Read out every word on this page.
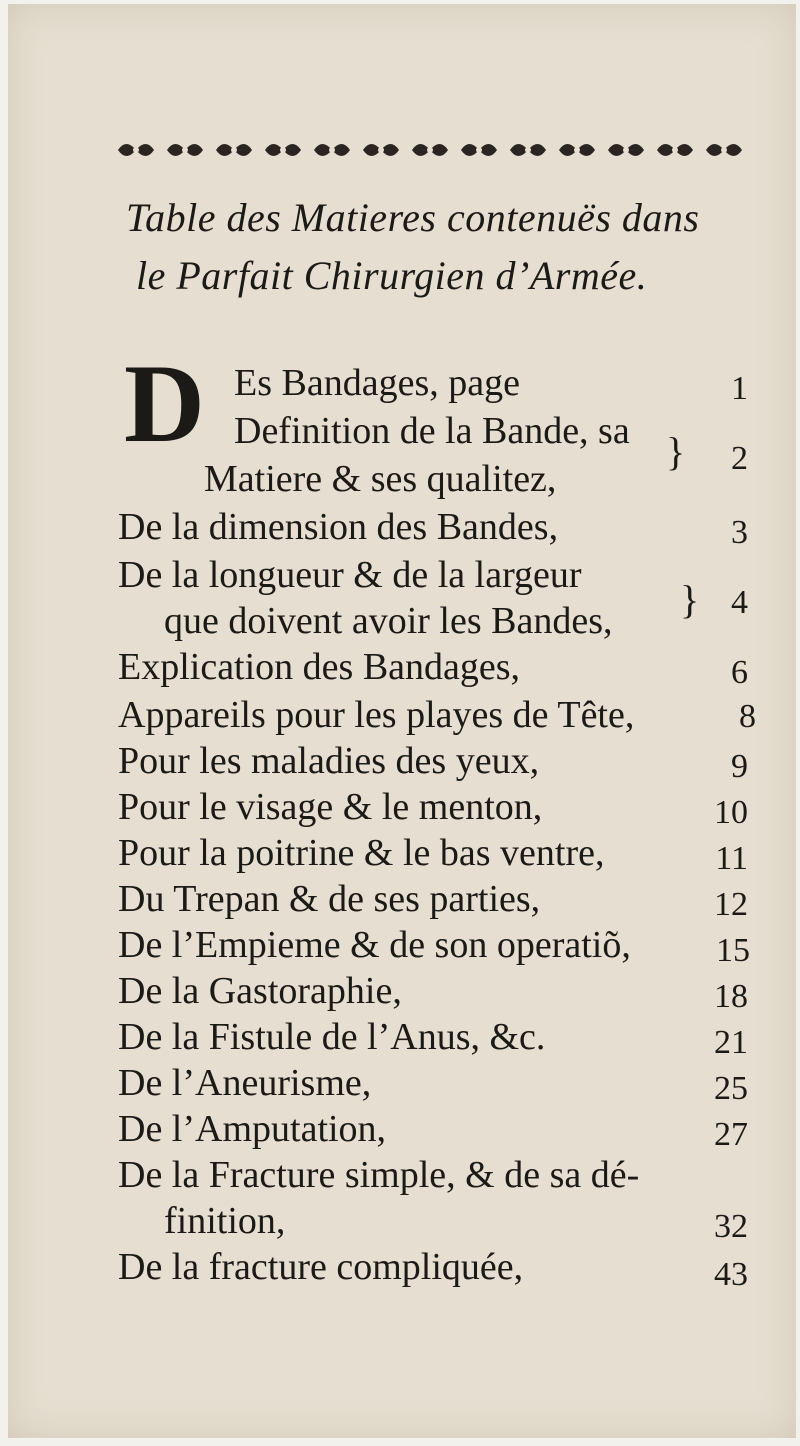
Table des Matieres contenuës dans
le Parfait Chirurgien d’Armée.
D Es Bandages, page	1
Definition de la Bande, sa
Matiere & ses qualitez,
}	2
De la dimension des Bandes,	3
De la longueur & de la largeur
que doivent avoir les Bandes, } 4
Explication des Bandages,	6
Appareils pour les playes de Tête,	8
Pour les maladies des yeux,	9
Pour le visage & le menton,	10
Pour la poitrine & le bas ventre,	11
Du Trepan & de ses parties,	12
De l’Empieme & de son operatiõ,	15
De la Gastoraphie,	18
De la Fistule de l’Anus, &c.	21
De l’Aneurisme,	25
De l’Amputation,	27
De la Fracture simple, & de sa dé-
finition,	32
De la fracture compliquée,	43
